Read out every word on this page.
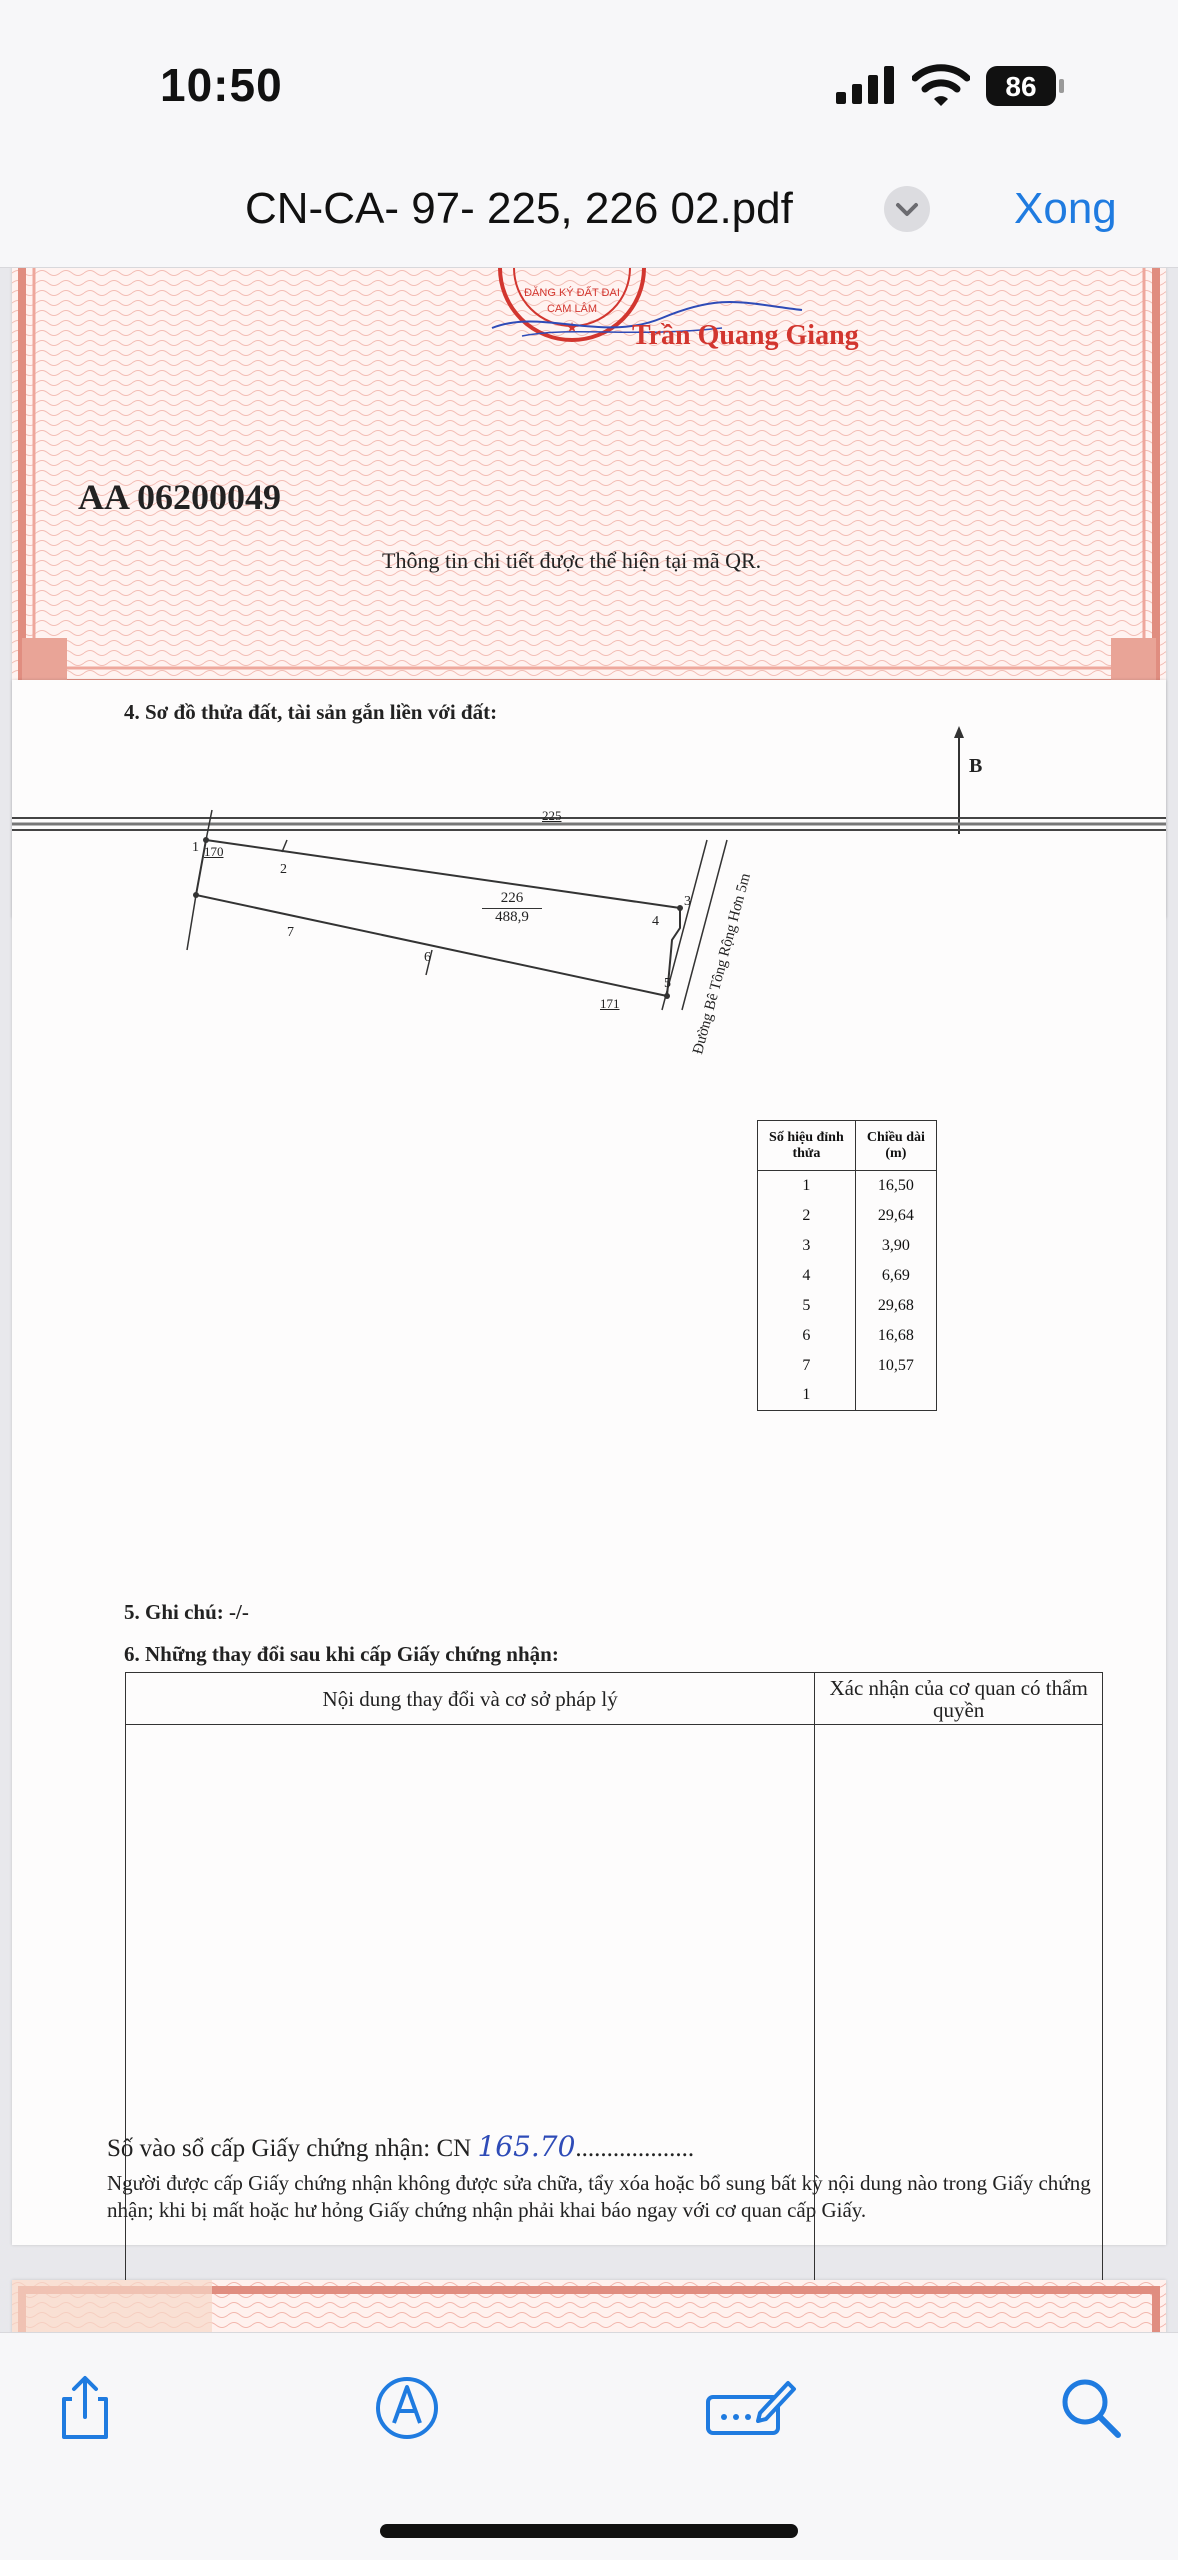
10:50	86
CN-CA- 97- 225, 226 02.pdf	Xong
ĐĂNG KÝ ĐẤT ĐAI
CAM LÂM
★ Trần Quang Giang
AA 06200049
Thông tin chi tiết được thể hiện tại mã QR.
4. Sơ đồ thửa đất, tài sản gắn liền với đất:
B
1
2
3
4
5
6
7
226
488,9
225
170
171	Đường Bê Tông Rộng Hơn 5m
Số hiệu đỉnh thửa	Chiều dài (m)
1	16,50
2	29,64
3	3,90
4	6,69
5	29,68
6	16,68
7	10,57
1	
5. Ghi chú: -/-
6. Những thay đổi sau khi cấp Giấy chứng nhận:
Nội dung thay đổi và cơ sở pháp lý	Xác nhận của cơ quan có thẩm quyền

Số vào sổ cấp Giấy chứng nhận: CN 165.70...................
Người được cấp Giấy chứng nhận không được sửa chữa, tẩy xóa hoặc bổ sung bất kỳ nội dung nào trong Giấy chứng nhận; khi bị mất hoặc hư hỏng Giấy chứng nhận phải khai báo ngay với cơ quan cấp Giấy.
